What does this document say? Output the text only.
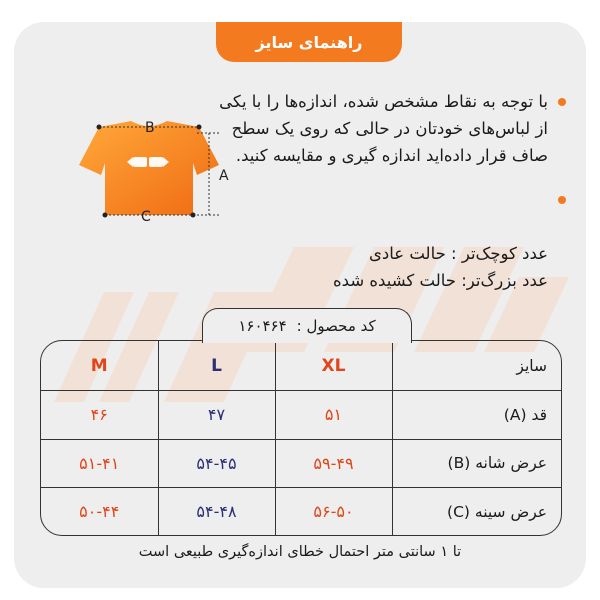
راهنمای سایز
B
C
A
با توجه به نقاط مشخص شده، اندازه‌ها را با یکی از لباس‌های خودتان در حالی که روی یک سطح صاف قرار داده‌اید اندازه گیری و مقایسه کنید.

عدد کوچک‌تر : حالت عادی
عدد بزرگ‌تر: حالت کشیده شده

۱۶۰۴۶۴ کد محصول :
M	L	XL	سایز
۴۶	۴۷	۵۱	قد (A)
۵۱-۴۱	۵۴-۴۵	۵۹-۴۹	عرض شانه (B)
۵۰-۴۴	۵۴-۴۸	۵۶-۵۰	عرض سینه (C)
تا ۱ سانتی متر احتمال خطای اندازه‌گیری طبیعی است
